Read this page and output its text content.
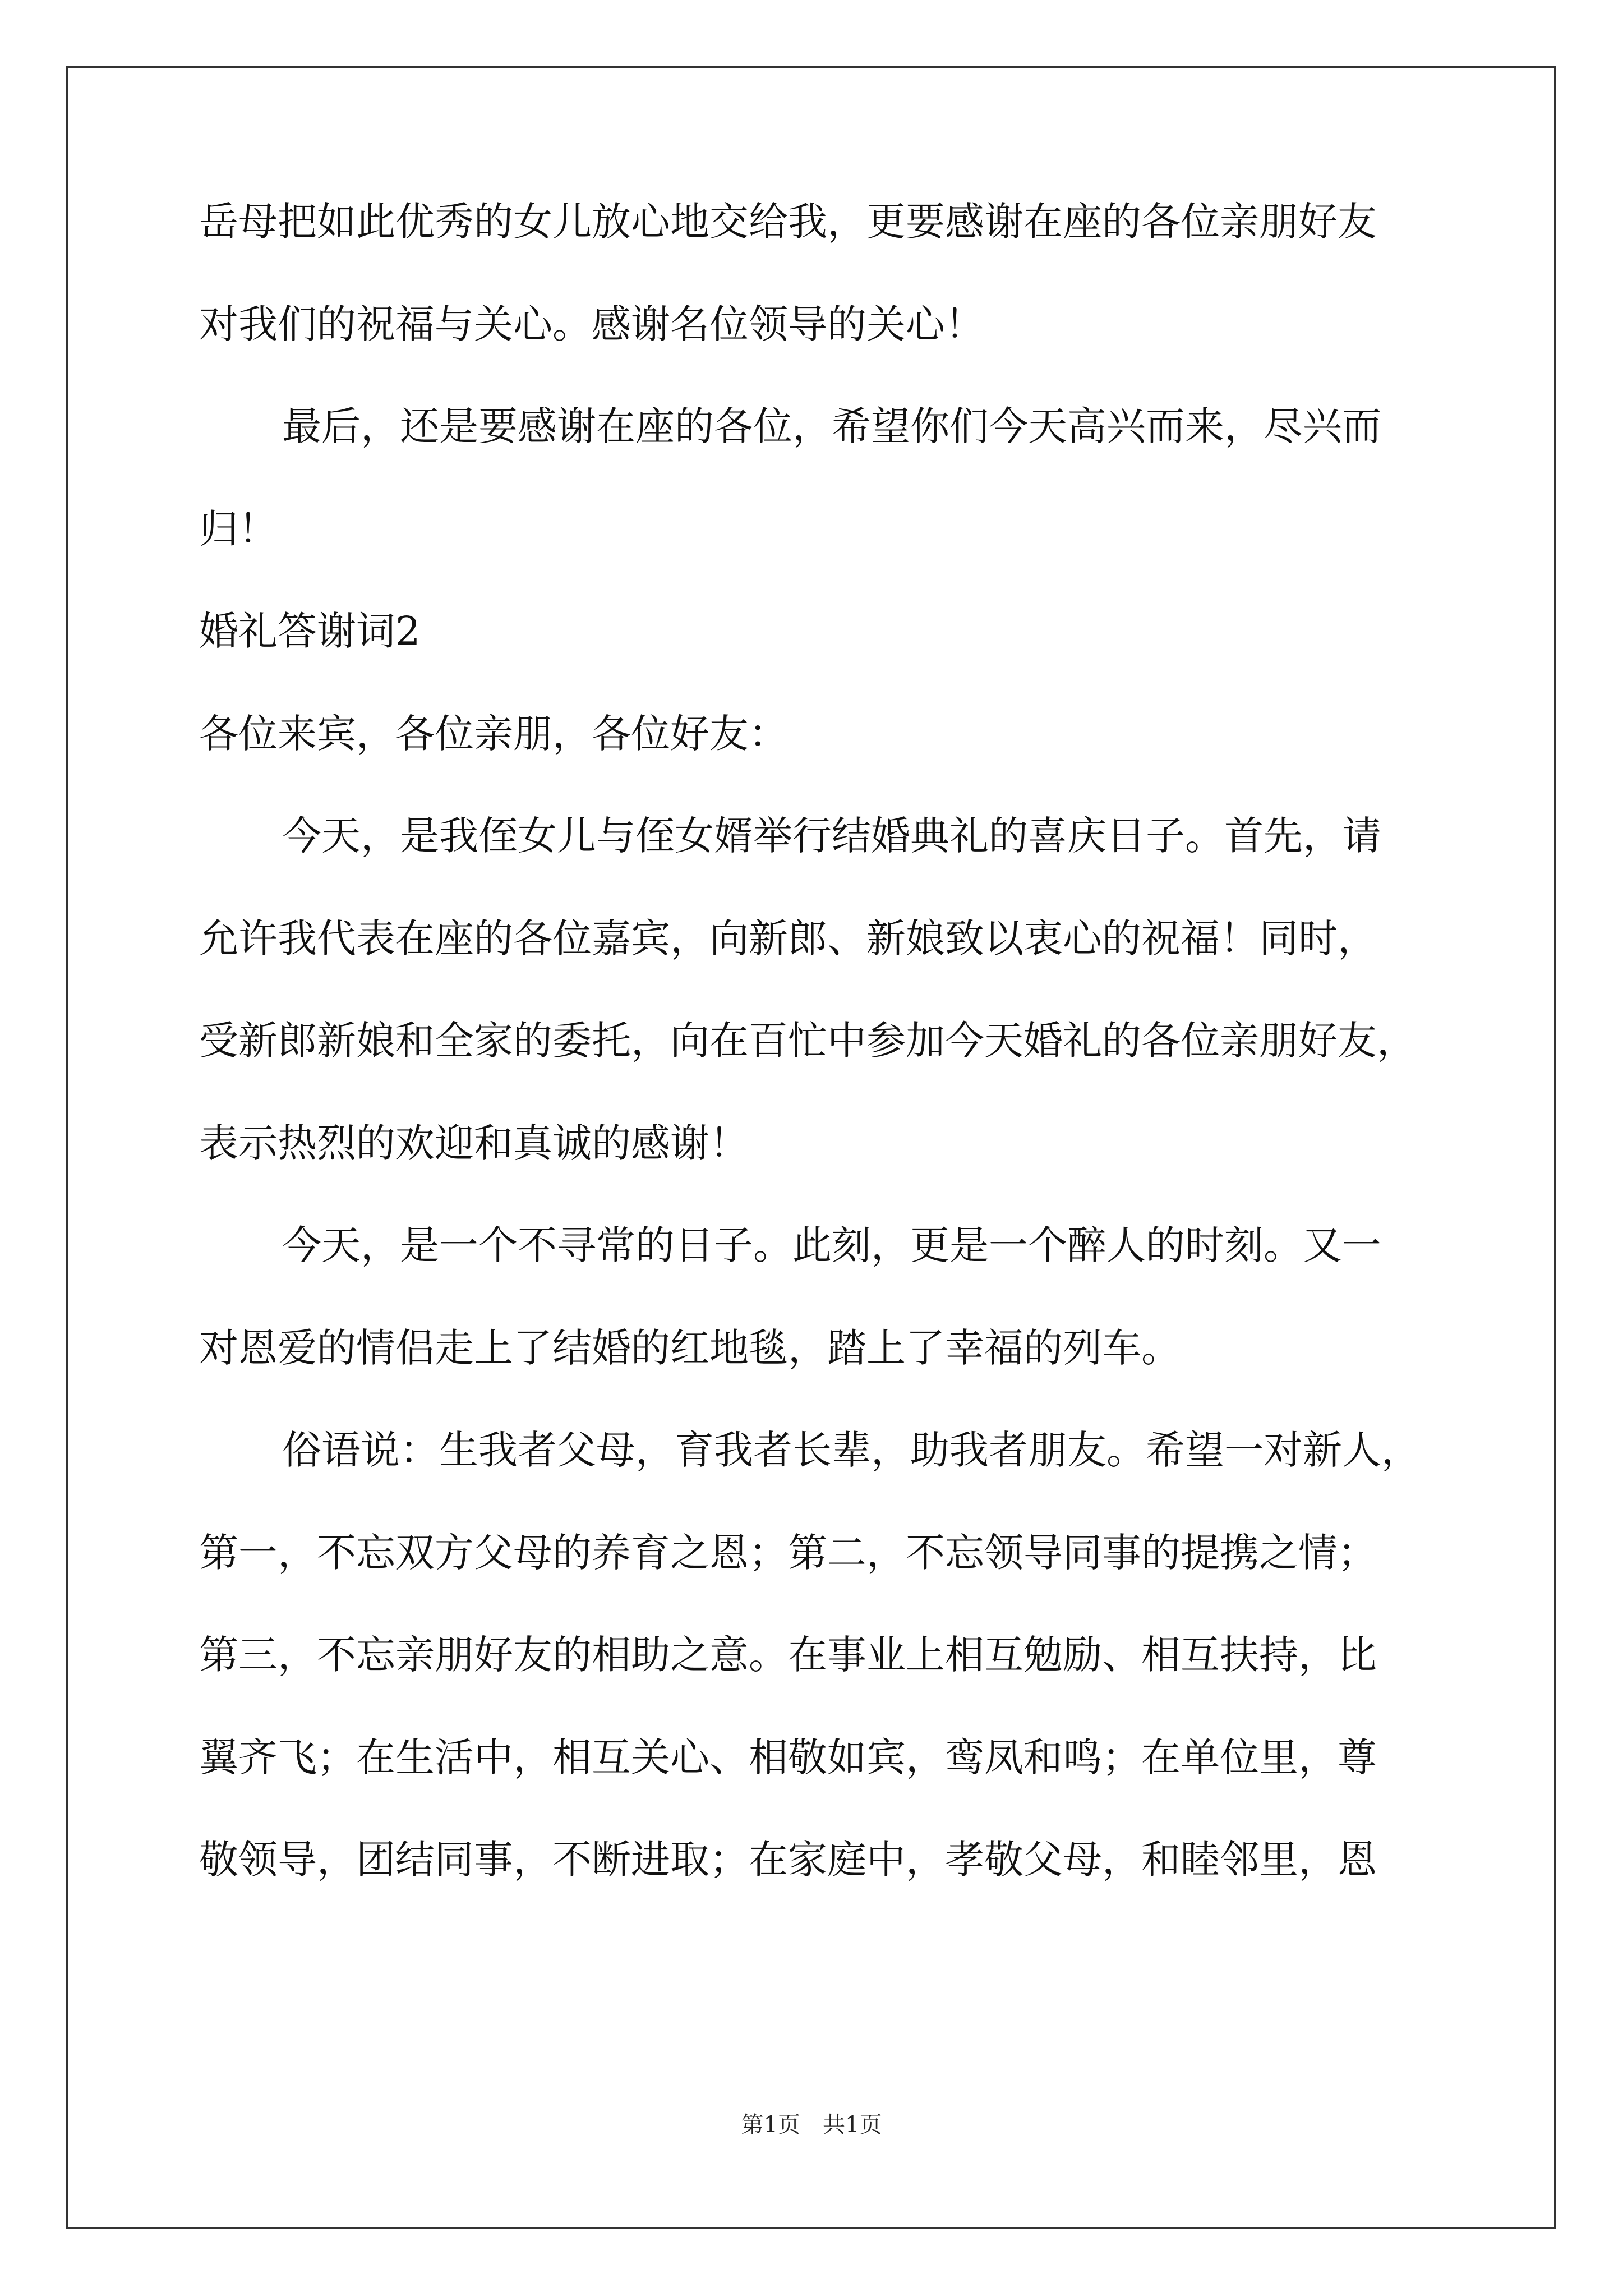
岳母把如此优秀的女儿放心地交给我，更要感谢在座的各位亲朋好友
对我们的祝福与关心。感谢名位领导的关心！
最后，还是要感谢在座的各位，希望你们今天高兴而来，尽兴而
归！
婚礼答谢词2
各位来宾，各位亲朋，各位好友：
今天，是我侄女儿与侄女婿举行结婚典礼的喜庆日子。首先，请
允许我代表在座的各位嘉宾，向新郎、新娘致以衷心的祝福！同时，
受新郎新娘和全家的委托，向在百忙中参加今天婚礼的各位亲朋好友，
表示热烈的欢迎和真诚的感谢！
今天，是一个不寻常的日子。此刻，更是一个醉人的时刻。又一
对恩爱的情侣走上了结婚的红地毯，踏上了幸福的列车。
俗语说：生我者父母，育我者长辈，助我者朋友。希望一对新人，
第一，不忘双方父母的养育之恩；第二，不忘领导同事的提携之情；
第三，不忘亲朋好友的相助之意。在事业上相互勉励、相互扶持，比
翼齐飞；在生活中，相互关心、相敬如宾，鸾凤和鸣；在单位里，尊
敬领导，团结同事，不断进取；在家庭中，孝敬父母，和睦邻里，恩
第1页　共1页
